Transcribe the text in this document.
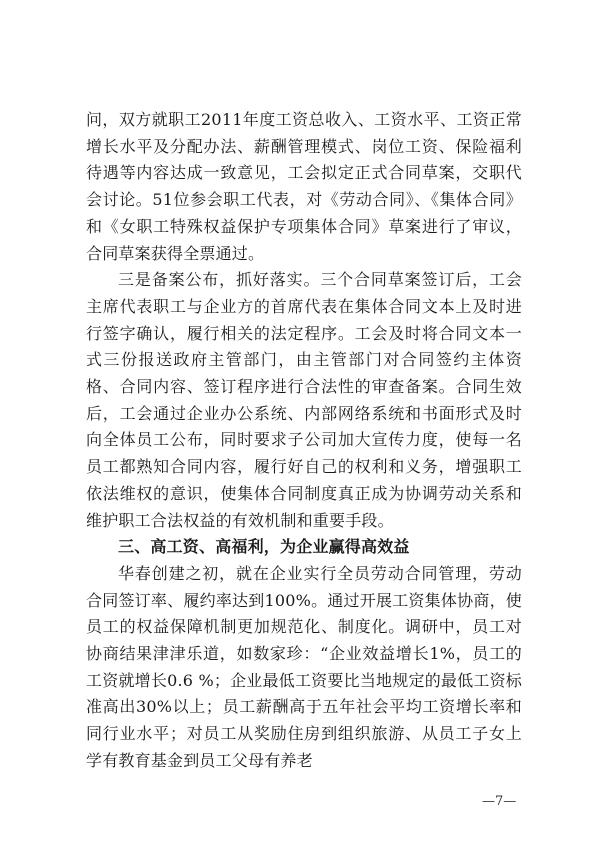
问，双方就职工2011年度工资总收入、工资水平、工资正常增长水平及分配办法、薪酬管理模式、岗位工资、保险福利待遇等内容达成一致意见，工会拟定正式合同草案，交职代会讨论。51位参会职工代表，对《劳动合同》、《集体合同》和《女职工特殊权益保护专项集体合同》草案进行了审议，合同草案获得全票通过。

三是备案公布，抓好落实。三个合同草案签订后，工会主席代表职工与企业方的首席代表在集体合同文本上及时进行签字确认，履行相关的法定程序。工会及时将合同文本一式三份报送政府主管部门，由主管部门对合同签约主体资格、合同内容、签订程序进行合法性的审查备案。合同生效后，工会通过企业办公系统、内部网络系统和书面形式及时向全体员工公布，同时要求子公司加大宣传力度，使每一名员工都熟知合同内容，履行好自己的权利和义务，增强职工依法维权的意识，使集体合同制度真正成为协调劳动关系和维护职工合法权益的有效机制和重要手段。

三、高工资、高福利，为企业赢得高效益

华春创建之初，就在企业实行全员劳动合同管理，劳动合同签订率、履约率达到100%。通过开展工资集体协商，使员工的权益保障机制更加规范化、制度化。调研中，员工对协商结果津津乐道，如数家珍：“企业效益增长1%，员工的工资就增长0.6 %；企业最低工资要比当地规定的最低工资标准高出30%以上；员工薪酬高于五年社会平均工资增长率和同行业水平；对员工从奖励住房到组织旅游、从员工子女上学有教育基金到员工父母有养老

—7—
